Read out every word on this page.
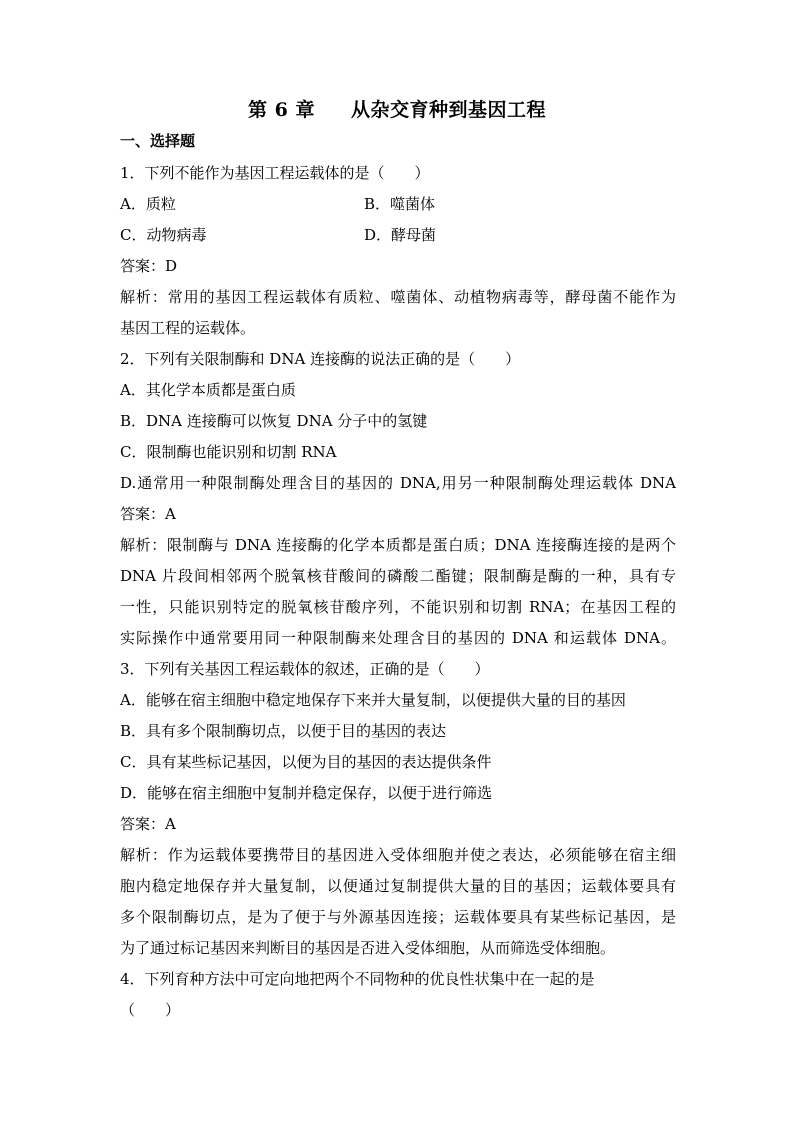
第 6 章 从杂交育种到基因工程
一、选择题
1．下列不能作为基因工程运载体的是（　　）
A．质粒	B．噬菌体
C．动物病毒	D．酵母菌
答案：D
解析：常用的基因工程运载体有质粒、噬菌体、动植物病毒等，酵母菌不能作为
基因工程的运载体。
2．下列有关限制酶和 DNA 连接酶的说法正确的是（　　）
A．其化学本质都是蛋白质
B．DNA 连接酶可以恢复 DNA 分子中的氢键
C．限制酶也能识别和切割 RNA
D.通常用一种限制酶处理含目的基因的 DNA,用另一种限制酶处理运载体 DNA
答案：A
解析：限制酶与 DNA 连接酶的化学本质都是蛋白质；DNA 连接酶连接的是两个
DNA 片段间相邻两个脱氧核苷酸间的磷酸二酯键；限制酶是酶的一种，具有专
一性，只能识别特定的脱氧核苷酸序列，不能识别和切割 RNA；在基因工程的
实际操作中通常要用同一种限制酶来处理含目的基因的 DNA 和运载体 DNA。
3．下列有关基因工程运载体的叙述，正确的是（　　）
A．能够在宿主细胞中稳定地保存下来并大量复制，以便提供大量的目的基因
B．具有多个限制酶切点，以便于目的基因的表达
C．具有某些标记基因，以便为目的基因的表达提供条件
D．能够在宿主细胞中复制并稳定保存，以便于进行筛选
答案：A
解析：作为运载体要携带目的基因进入受体细胞并使之表达，必须能够在宿主细
胞内稳定地保存并大量复制，以便通过复制提供大量的目的基因；运载体要具有
多个限制酶切点，是为了便于与外源基因连接；运载体要具有某些标记基因，是
为了通过标记基因来判断目的基因是否进入受体细胞，从而筛选受体细胞。
4．下列育种方法中可定向地把两个不同物种的优良性状集中在一起的是
（　　）
